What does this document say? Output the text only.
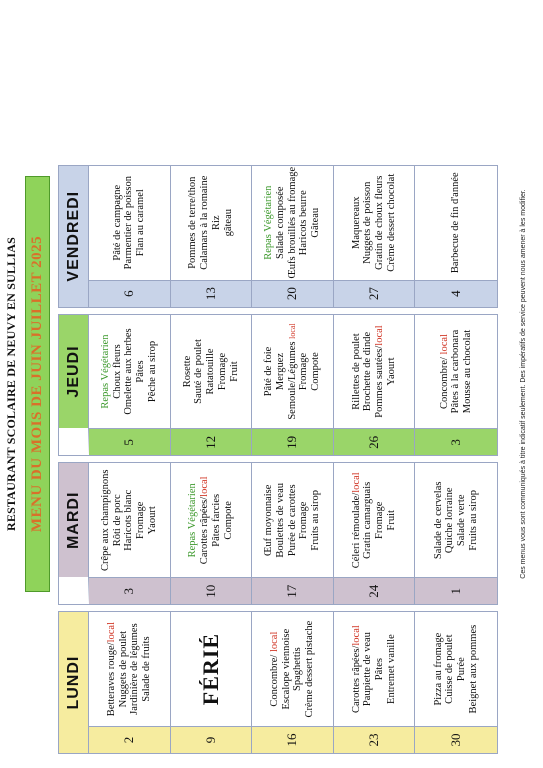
RESTAURANT SCOLAIRE DE NEUVY EN SULLIAS MENU DU MOIS DE JUIN JUILLET 2025
LUNDI
2
Betteraves rouge/local Nuggets de poulet Jardinière de légumes Salade de fruits
9
FÉRIÉ
16
Concombre/ local Escalope viennoise Spaghettis Crème dessert pistache
23
Carottes râpées/local Paupiette de veau Pâtes Entremet vanille
30
Pizza au fromage Cuisse de poulet Purée Beignet aux pommes
MARDI
3
Crêpe aux champignons Rôti de porc Haricots blanc Fromage Yaourt
10
Repas Végétarien Carottes râpées/local
Pâtes farcies Compote
17
Œuf moyonnaise Boulettes de veau Purée de carottes Fromage Fruits au sirop
24
Céleri rémoulade/local Gratin camarguais Fromage Fruit
1
Salade de cervelas Quiche lorraine Salade verte Fruits au sirop
JEUDI
5
Repas Végétarien Choux fleurs Omelette aux herbes Pâtes Pêche au sirop
12
Rosette Sauté de poulet Ratatouille Fromage Fruit
19
Pâté de foie Merguez Semoule/Légumes local
Fromage Compote
26
Rillettes de poulet Brochette de dinde Pommes sautées/local
Yaourt
3
Concombre/ local Pâtes à la carbonara Mousse au chocolat
VENDREDI
6
Pâté de campagne Parmentier de poisson Flan au caramel
13
Pommes de terre/thon Calamars à la romaine Riz gâteau
20
Repas Végétarien Salade composée Œufs brouillés au fromage Haricots beurre Gâteau
27
Maquereaux Nuggets de poisson Gratin de choux fleurs Crème dessert chocolat
4
Barbecue de fin d'année	Ces menus vous sont communiqués à titre indicatif seulement. Des impératifs de service peuvent nous amener à les modifier.
